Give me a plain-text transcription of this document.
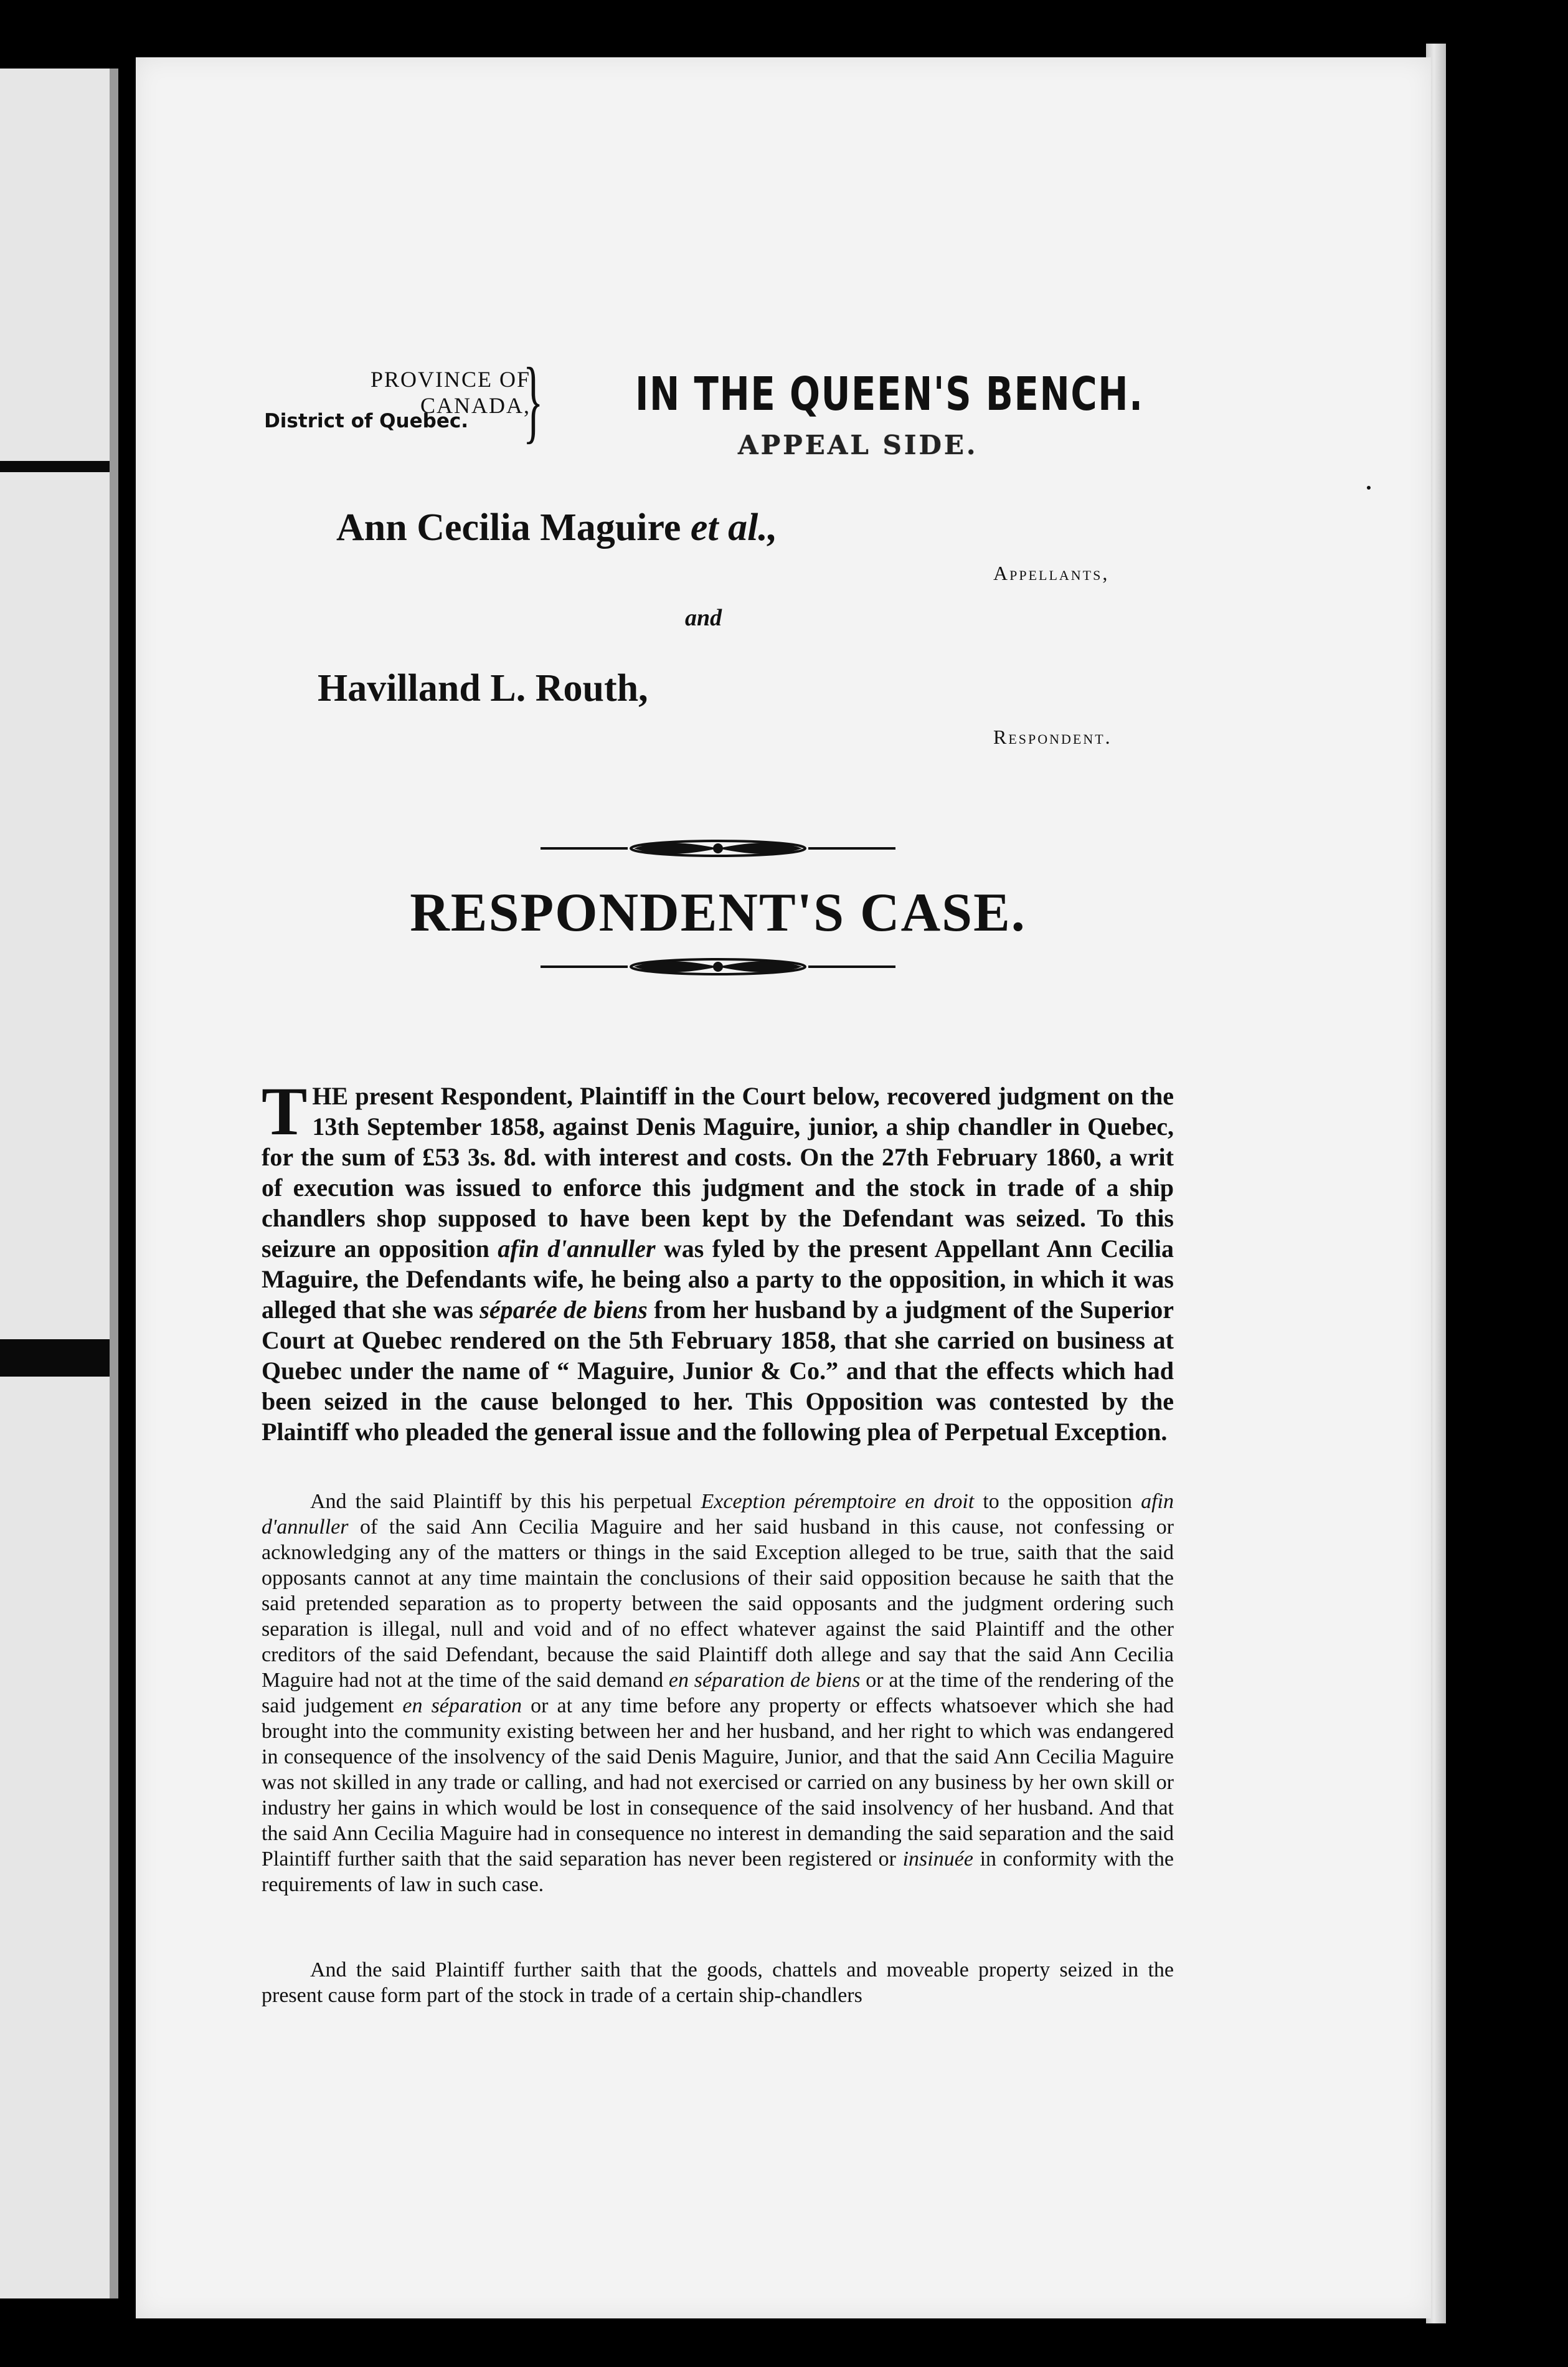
PROVINCE OF CANADA,
District of Quebec. } IN THE QUEEN'S BENCH.
APPEAL SIDE.
Ann Cecilia Maguire et al.,
Appellants,
and
Havilland L. Routh,
Respondent.
RESPONDENT'S CASE.
THE present Respondent, Plaintiff in the Court below, recovered judgment on the 13th September 1858, against Denis Maguire, junior, a ship chandler in Quebec, for the sum of £53 3s. 8d. with interest and costs. On the 27th February 1860, a writ of execution was issued to enforce this judgment and the stock in trade of a ship chandlers shop supposed to have been kept by the Defendant was seized. To this seizure an opposition afin d'annuller was fyled by the present Appellant Ann Cecilia Maguire, the Defendants wife, he being also a party to the opposition, in which it was alleged that she was séparée de biens from her husband by a judgment of the Superior Court at Quebec rendered on the 5th February 1858, that she carried on business at Quebec under the name of “ Maguire, Junior & Co.” and that the effects which had been seized in the cause belonged to her. This Opposition was contested by the Plaintiff who pleaded the general issue and the following plea of Perpetual Exception.
And the said Plaintiff by this his perpetual Exception péremptoire en droit to the opposition afin d'annuller of the said Ann Cecilia Maguire and her said husband in this cause, not confessing or acknowledging any of the matters or things in the said Exception alleged to be true, saith that the said opposants cannot at any time maintain the conclusions of their said opposition because he saith that the said pretended separation as to property between the said opposants and the judgment ordering such separation is illegal, null and void and of no effect whatever against the said Plaintiff and the other creditors of the said Defendant, because the said Plaintiff doth allege and say that the said Ann Cecilia Maguire had not at the time of the said demand en séparation de biens or at the time of the rendering of the said judgement en séparation or at any time before any property or effects whatsoever which she had brought into the community existing between her and her husband, and her right to which was endangered in consequence of the insolvency of the said Denis Maguire, Junior, and that the said Ann Cecilia Maguire was not skilled in any trade or calling, and had not exercised or carried on any business by her own skill or industry her gains in which would be lost in consequence of the said insolvency of her husband. And that the said Ann Cecilia Maguire had in consequence no interest in demanding the said separation and the said Plaintiff further saith that the said separation has never been registered or insinuée in conformity with the requirements of law in such case.
And the said Plaintiff further saith that the goods, chattels and moveable property seized in the present cause form part of the stock in trade of a certain ship-chandlers
